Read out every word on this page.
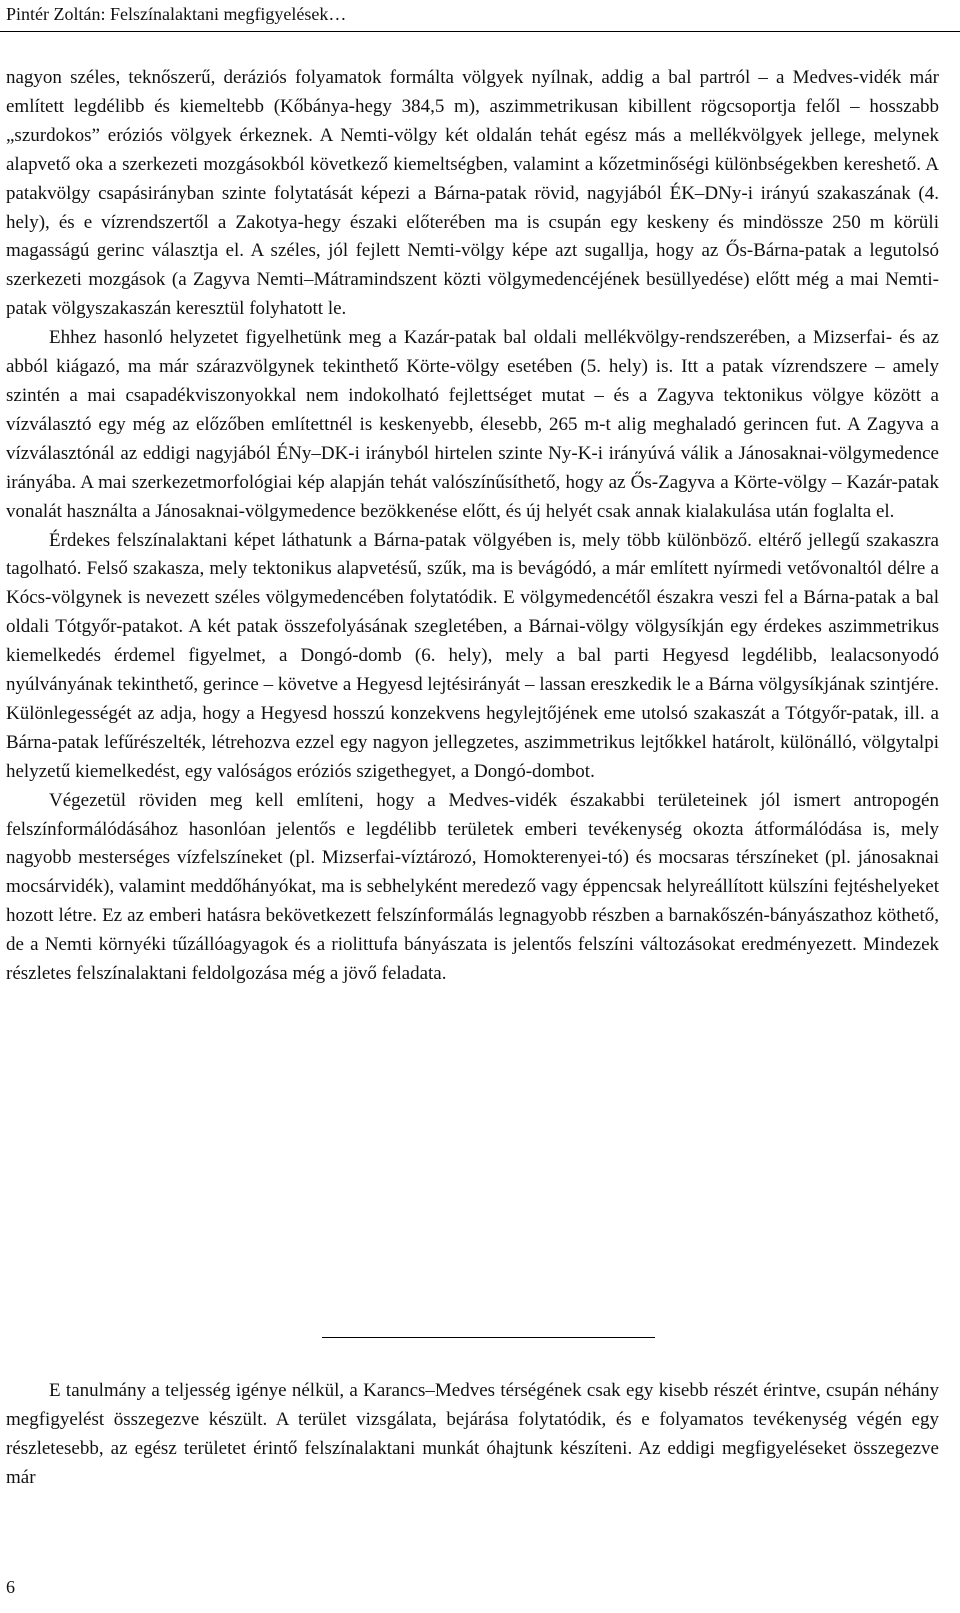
Pintér Zoltán: Felszínalaktani megfigyelések…

nagyon széles, teknőszerű, deráziós folyamatok formálta völgyek nyílnak, addig a bal partról – a Medves-vidék már említett legdélibb és kiemeltebb (Kőbánya-hegy 384,5 m), aszimmetrikusan kibillent rögcsoportja felől – hosszabb „szurdokos” eróziós völgyek érkeznek. A Nemti-völgy két oldalán tehát egész más a mellékvölgyek jellege, melynek alapvető oka a szerkezeti mozgásokból következő kiemeltségben, valamint a kőzetminőségi különbségekben kereshető. A patakvölgy csapásirányban szinte folytatását képezi a Bárna-patak rövid, nagyjából ÉK–DNy-i irányú szakaszának (4. hely), és e vízrendszertől a Zakotya-hegy északi előterében ma is csupán egy keskeny és mindössze 250 m körüli magasságú gerinc választja el. A széles, jól fejlett Nemti-völgy képe azt sugallja, hogy az Ős-Bárna-patak a legutolsó szerkezeti mozgások (a Zagyva Nemti–Mátramindszent közti völgymedencéjének besüllyedése) előtt még a mai Nemti-patak völgyszakaszán keresztül folyhatott le.

Ehhez hasonló helyzetet figyelhetünk meg a Kazár-patak bal oldali mellékvölgy-rendszerében, a Mizserfai- és az abból kiágazó, ma már szárazvölgynek tekinthető Körte-völgy esetében (5. hely) is. Itt a patak vízrendszere – amely szintén a mai csapadékviszonyokkal nem indokolható fejlettséget mutat – és a Zagyva tektonikus völgye között a vízválasztó egy még az előzőben említettnél is keskenyebb, élesebb, 265 m-t alig meghaladó gerincen fut. A Zagyva a vízválasztónál az eddigi nagyjából ÉNy–DK-i irányból hirtelen szinte Ny-K-i irányúvá válik a Jánosaknai-völgymedence irányába. A mai szerkezetmorfológiai kép alapján tehát valószínűsíthető, hogy az Ős-Zagyva a Körte-völgy – Kazár-patak vonalát használta a Jánosaknai-völgymedence bezökkenése előtt, és új helyét csak annak kialakulása után foglalta el.

Érdekes felszínalaktani képet láthatunk a Bárna-patak völgyében is, mely több különböző. eltérő jellegű szakaszra tagolható. Felső szakasza, mely tektonikus alapvetésű, szűk, ma is bevágódó, a már említett nyírmedi vetővonaltól délre a Kócs-völgynek is nevezett széles völgymedencében folytatódik. E völgymedencétől északra veszi fel a Bárna-patak a bal oldali Tótgyőr-patakot. A két patak összefolyásának szegletében, a Bárnai-völgy völgysíkján egy érdekes aszimmetrikus kiemelkedés érdemel figyelmet, a Dongó-domb (6. hely), mely a bal parti Hegyesd legdélibb, lealacsonyodó nyúlványának tekinthető, gerince – követve a Hegyesd lejtésirányát – lassan ereszkedik le a Bárna völgysíkjának szintjére. Különlegességét az adja, hogy a Hegyesd hosszú konzekvens hegylejtőjének eme utolsó szakaszát a Tótgyőr-patak, ill. a Bárna-patak lefűrészelték, létrehozva ezzel egy nagyon jellegzetes, aszimmetrikus lejtőkkel határolt, különálló, völgytalpi helyzetű kiemelkedést, egy valóságos eróziós szigethegyet, a Dongó-dombot.

Végezetül röviden meg kell említeni, hogy a Medves-vidék északabbi területeinek jól ismert antropogén felszínformálódásához hasonlóan jelentős e legdélibb területek emberi tevékenység okozta átformálódása is, mely nagyobb mesterséges vízfelszíneket (pl. Mizserfai-víztározó, Homokterenyei-tó) és mocsaras térszíneket (pl. jánosaknai mocsárvidék), valamint meddőhányókat, ma is sebhelyként meredező vagy éppencsak helyreállított külszíni fejtéshelyeket hozott létre. Ez az emberi hatásra bekövetkezett felszínformálás legnagyobb részben a barnakőszén-bányászathoz köthető, de a Nemti környéki tűzállóagyagok és a riolittufa bányászata is jelentős felszíni változásokat eredményezett. Mindezek részletes felszínalaktani feldolgozása még a jövő feladata.

E tanulmány a teljesség igénye nélkül, a Karancs–Medves térségének csak egy kisebb részét érintve, csupán néhány megfigyelést összegezve készült. A terület vizsgálata, bejárása folytatódik, és e folyamatos tevékenység végén egy részletesebb, az egész területet érintő felszínalaktani munkát óhajtunk készíteni. Az eddigi megfigyeléseket összegezve már

6
